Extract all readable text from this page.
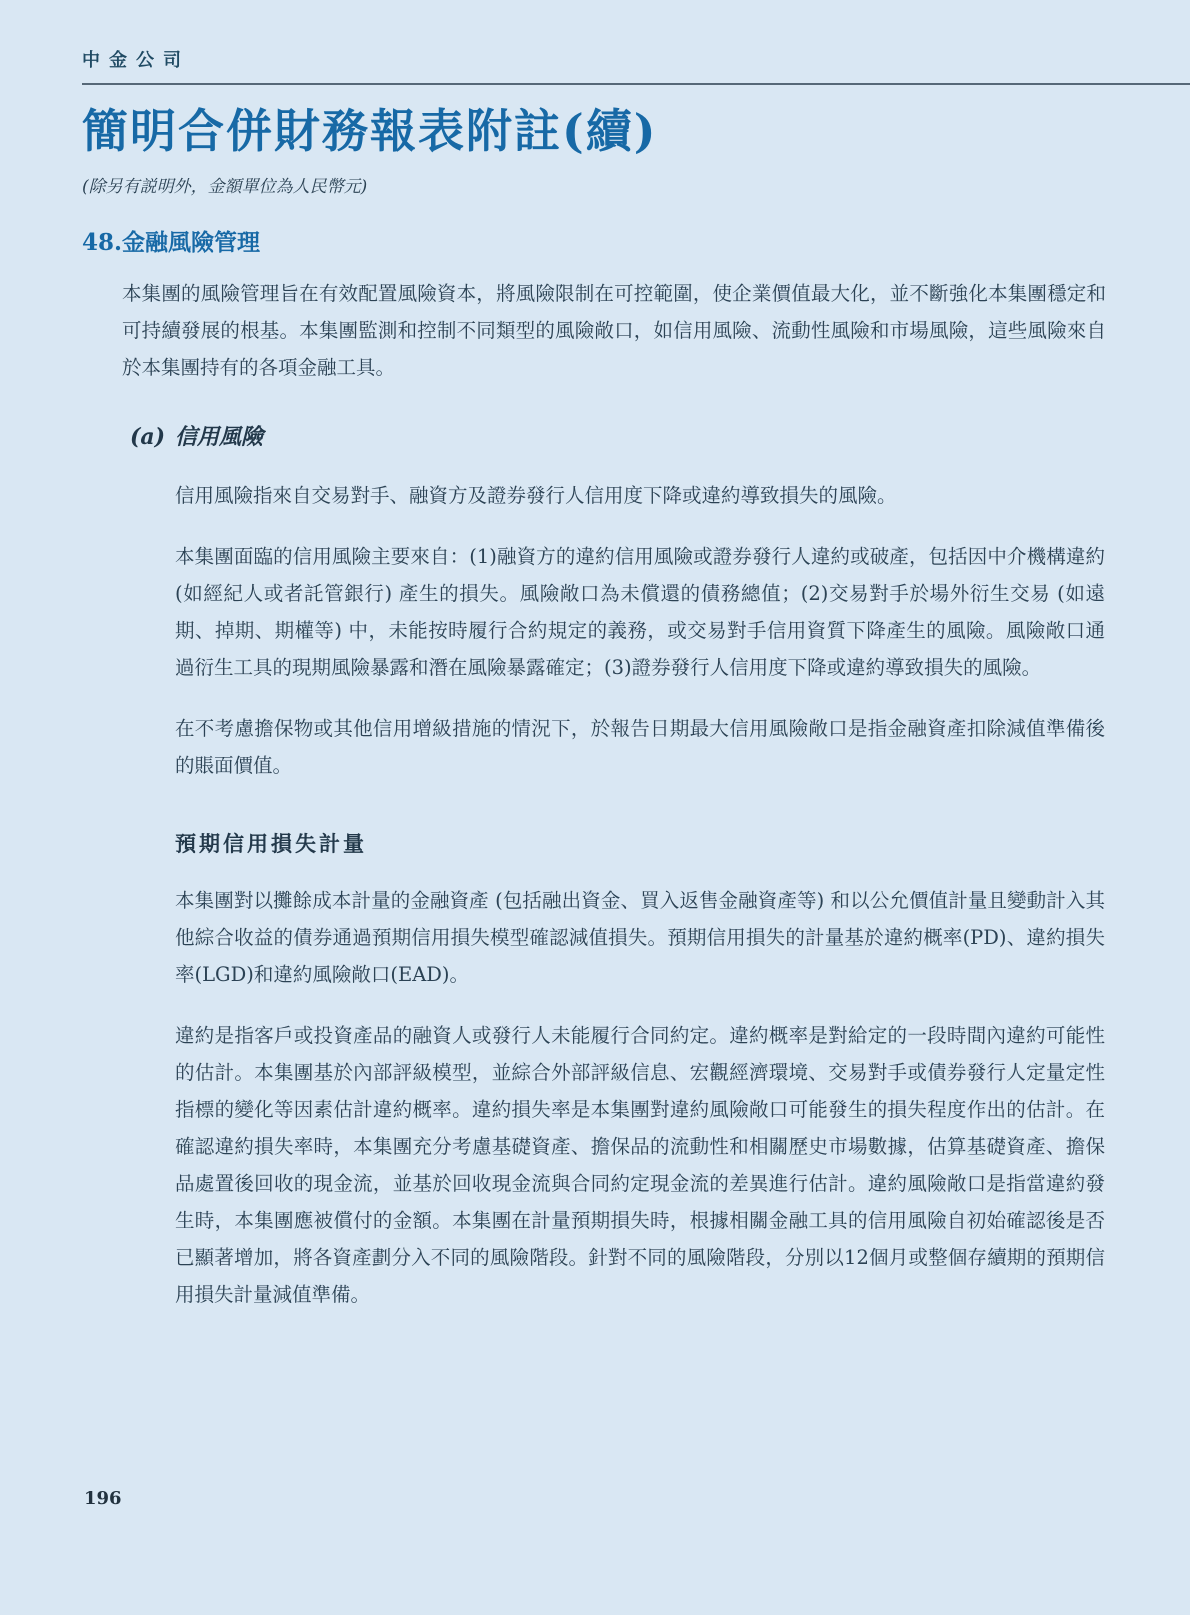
中金公司
簡明合併財務報表附註(續)
(除另有説明外，金額單位為人民幣元)
48. 金融風險管理

本集團的風險管理旨在有效配置風險資本，將風險限制在可控範圍，使企業價值最大化，並不斷強化本集團穩定和可持續發展的根基。本集團監測和控制不同類型的風險敞口，如信用風險、流動性風險和市場風險，這些風險來自於本集團持有的各項金融工具。

(a) 信用風險

信用風險指來自交易對手、融資方及證券發行人信用度下降或違約導致損失的風險。

本集團面臨的信用風險主要來自：(1)融資方的違約信用風險或證券發行人違約或破產，包括因中介機構違約 (如經紀人或者託管銀行) 產生的損失。風險敞口為未償還的債務總值；(2)交易對手於場外衍生交易 (如遠期、掉期、期權等) 中，未能按時履行合約規定的義務，或交易對手信用資質下降產生的風險。風險敞口通過衍生工具的現期風險暴露和潛在風險暴露確定；(3)證券發行人信用度下降或違約導致損失的風險。

在不考慮擔保物或其他信用增級措施的情況下，於報告日期最大信用風險敞口是指金融資產扣除減值準備後的賬面價值。

預期信用損失計量

本集團對以攤餘成本計量的金融資產 (包括融出資金、買入返售金融資產等) 和以公允價值計量且變動計入其他綜合收益的債券通過預期信用損失模型確認減值損失。預期信用損失的計量基於違約概率(PD)、違約損失率(LGD)和違約風險敞口(EAD)。

違約是指客戶或投資產品的融資人或發行人未能履行合同約定。違約概率是對給定的一段時間內違約可能性的估計。本集團基於內部評級模型，並綜合外部評級信息、宏觀經濟環境、交易對手或債券發行人定量定性指標的變化等因素估計違約概率。違約損失率是本集團對違約風險敞口可能發生的損失程度作出的估計。在確認違約損失率時，本集團充分考慮基礎資產、擔保品的流動性和相關歷史市場數據，估算基礎資產、擔保品處置後回收的現金流，並基於回收現金流與合同約定現金流的差異進行估計。違約風險敞口是指當違約發生時，本集團應被償付的金額。本集團在計量預期損失時，根據相關金融工具的信用風險自初始確認後是否已顯著增加，將各資產劃分入不同的風險階段。針對不同的風險階段，分別以12個月或整個存續期的預期信用損失計量減值準備。

196
